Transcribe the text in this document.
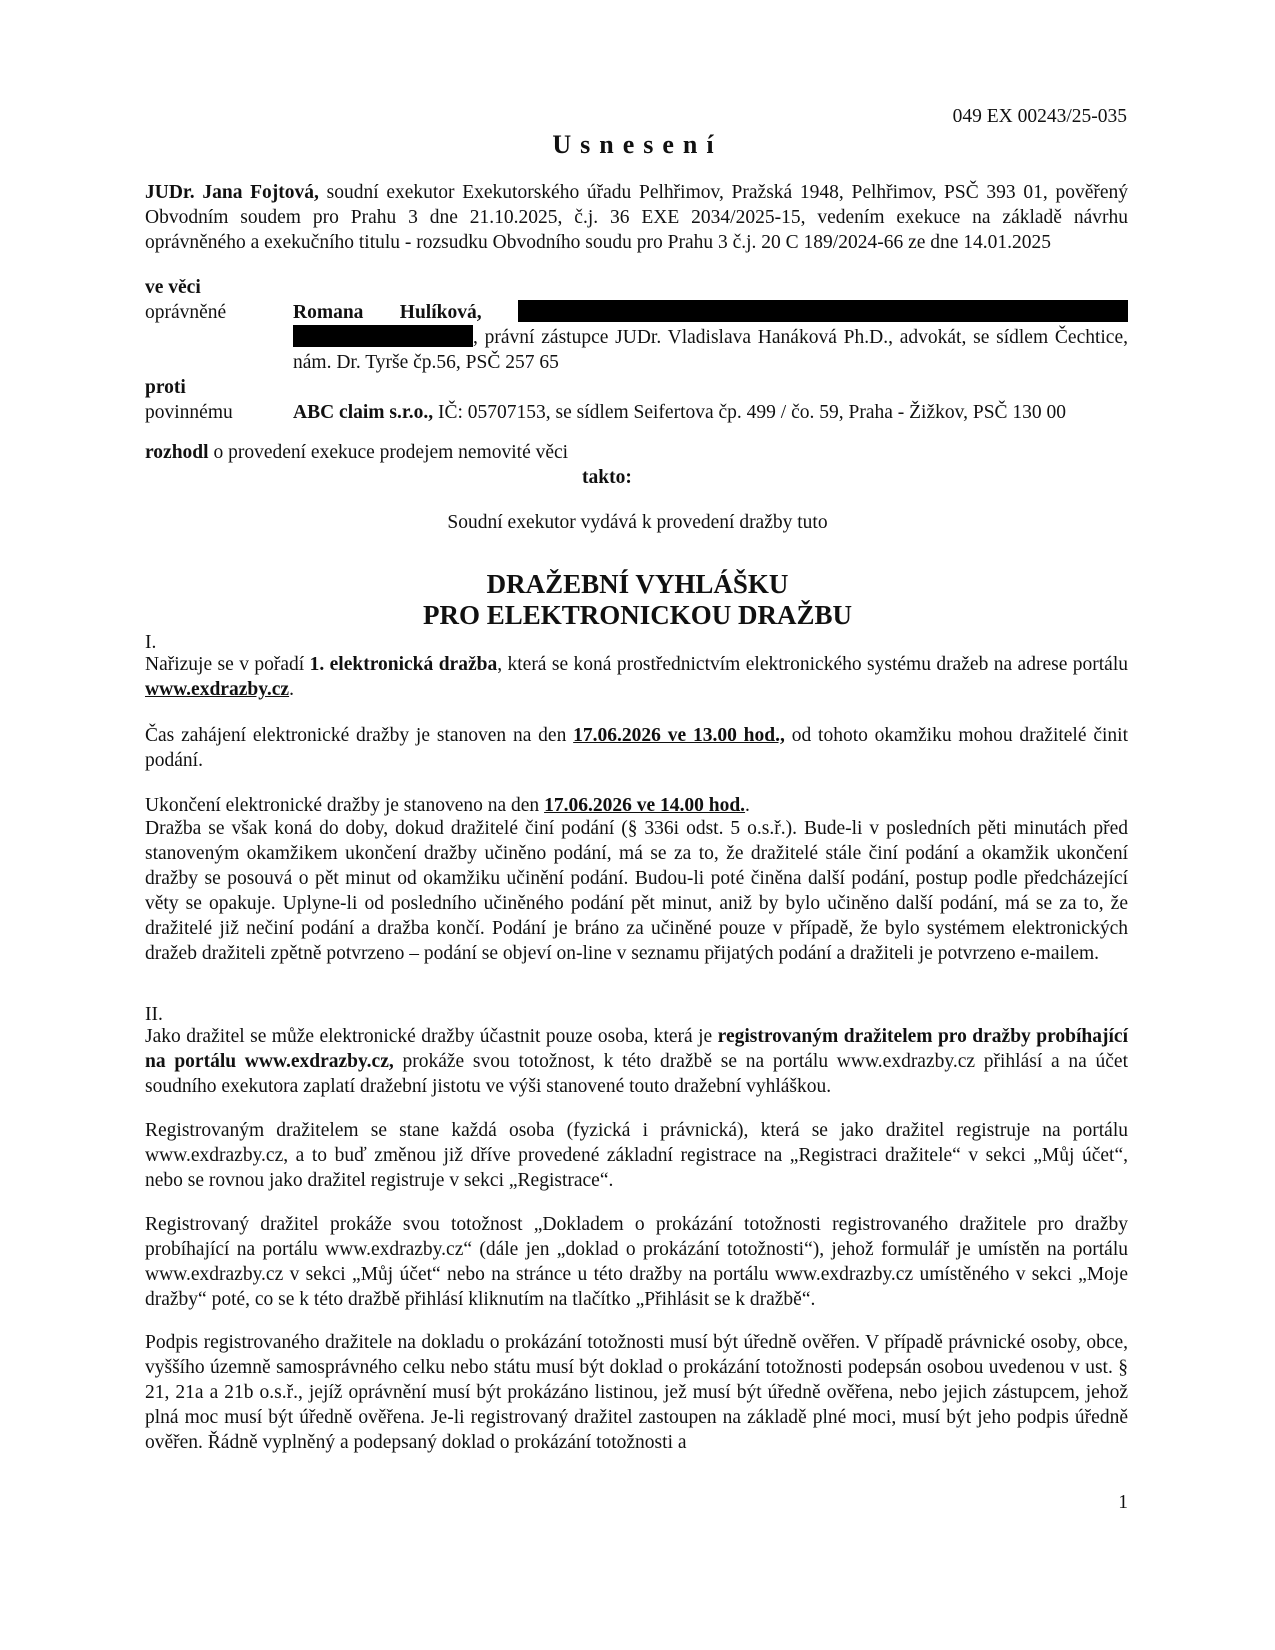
049 EX 00243/25-035
Usnesení
JUDr. Jana Fojtová, soudní exekutor Exekutorského úřadu Pelhřimov, Pražská 1948, Pelhřimov, PSČ 393 01, pověřený Obvodním soudem pro Prahu 3 dne 21.10.2025, č.j. 36 EXE 2034/2025-15, vedením exekuce na základě návrhu oprávněného a exekučního titulu - rozsudku Obvodního soudu pro Prahu 3 č.j. 20 C 189/2024-66 ze dne 14.01.2025
ve věci
oprávněné	Romana Hulíková,  , právní zástupce JUDr. Vladislava Hanáková Ph.D., advokát, se sídlem Čechtice, nám. Dr. Tyrše čp.56, PSČ 257 65
proti
povinnému	ABC claim s.r.o., IČ: 05707153, se sídlem Seifertova čp. 499 / čo. 59, Praha - Žižkov, PSČ 130 00
rozhodl o provedení exekuce prodejem nemovité věci
takto:
Soudní exekutor vydává k provedení dražby tuto
DRAŽEBNÍ VYHLÁŠKU
PRO ELEKTRONICKOU DRAŽBU
I.
Nařizuje se v pořadí 1. elektronická dražba, která se koná prostřednictvím elektronického systému dražeb na adrese portálu www.exdrazby.cz.
Čas zahájení elektronické dražby je stanoven na den 17.06.2026 ve 13.00 hod., od tohoto okamžiku mohou dražitelé činit podání.
Ukončení elektronické dražby je stanoveno na den 17.06.2026 ve 14.00 hod..
Dražba se však koná do doby, dokud dražitelé činí podání (§ 336i odst. 5 o.s.ř.). Bude-li v posledních pěti minutách před stanoveným okamžikem ukončení dražby učiněno podání, má se za to, že dražitelé stále činí podání a okamžik ukončení dražby se posouvá o pět minut od okamžiku učinění podání. Budou-li poté činěna další podání, postup podle předcházející věty se opakuje. Uplyne-li od posledního učiněného podání pět minut, aniž by bylo učiněno další podání, má se za to, že dražitelé již nečiní podání a dražba končí. Podání je bráno za učiněné pouze v případě, že bylo systémem elektronických dražeb dražiteli zpětně potvrzeno – podání se objeví on-line v seznamu přijatých podání a dražiteli je potvrzeno e-mailem.
II.
Jako dražitel se může elektronické dražby účastnit pouze osoba, která je registrovaným dražitelem pro dražby probíhající na portálu www.exdrazby.cz, prokáže svou totožnost, k této dražbě se na portálu www.exdrazby.cz přihlásí a na účet soudního exekutora zaplatí dražební jistotu ve výši stanovené touto dražební vyhláškou.
Registrovaným dražitelem se stane každá osoba (fyzická i právnická), která se jako dražitel registruje na portálu www.exdrazby.cz, a to buď změnou již dříve provedené základní registrace na „Registraci dražitele“ v sekci „Můj účet“, nebo se rovnou jako dražitel registruje v sekci „Registrace“.
Registrovaný dražitel prokáže svou totožnost „Dokladem o prokázání totožnosti registrovaného dražitele pro dražby probíhající na portálu www.exdrazby.cz“ (dále jen „doklad o prokázání totožnosti“), jehož formulář je umístěn na portálu www.exdrazby.cz v sekci „Můj účet“ nebo na stránce u této dražby na portálu www.exdrazby.cz umístěného v sekci „Moje dražby“ poté, co se k této dražbě přihlásí kliknutím na tlačítko „Přihlásit se k dražbě“.
Podpis registrovaného dražitele na dokladu o prokázání totožnosti musí být úředně ověřen. V případě právnické osoby, obce, vyššího územně samosprávného celku nebo státu musí být doklad o prokázání totožnosti podepsán osobou uvedenou v ust. § 21, 21a a 21b o.s.ř., jejíž oprávnění musí být prokázáno listinou, jež musí být úředně ověřena, nebo jejich zástupcem, jehož plná moc musí být úředně ověřena. Je-li registrovaný dražitel zastoupen na základě plné moci, musí být jeho podpis úředně ověřen. Řádně vyplněný a podepsaný doklad o prokázání totožnosti a
1
